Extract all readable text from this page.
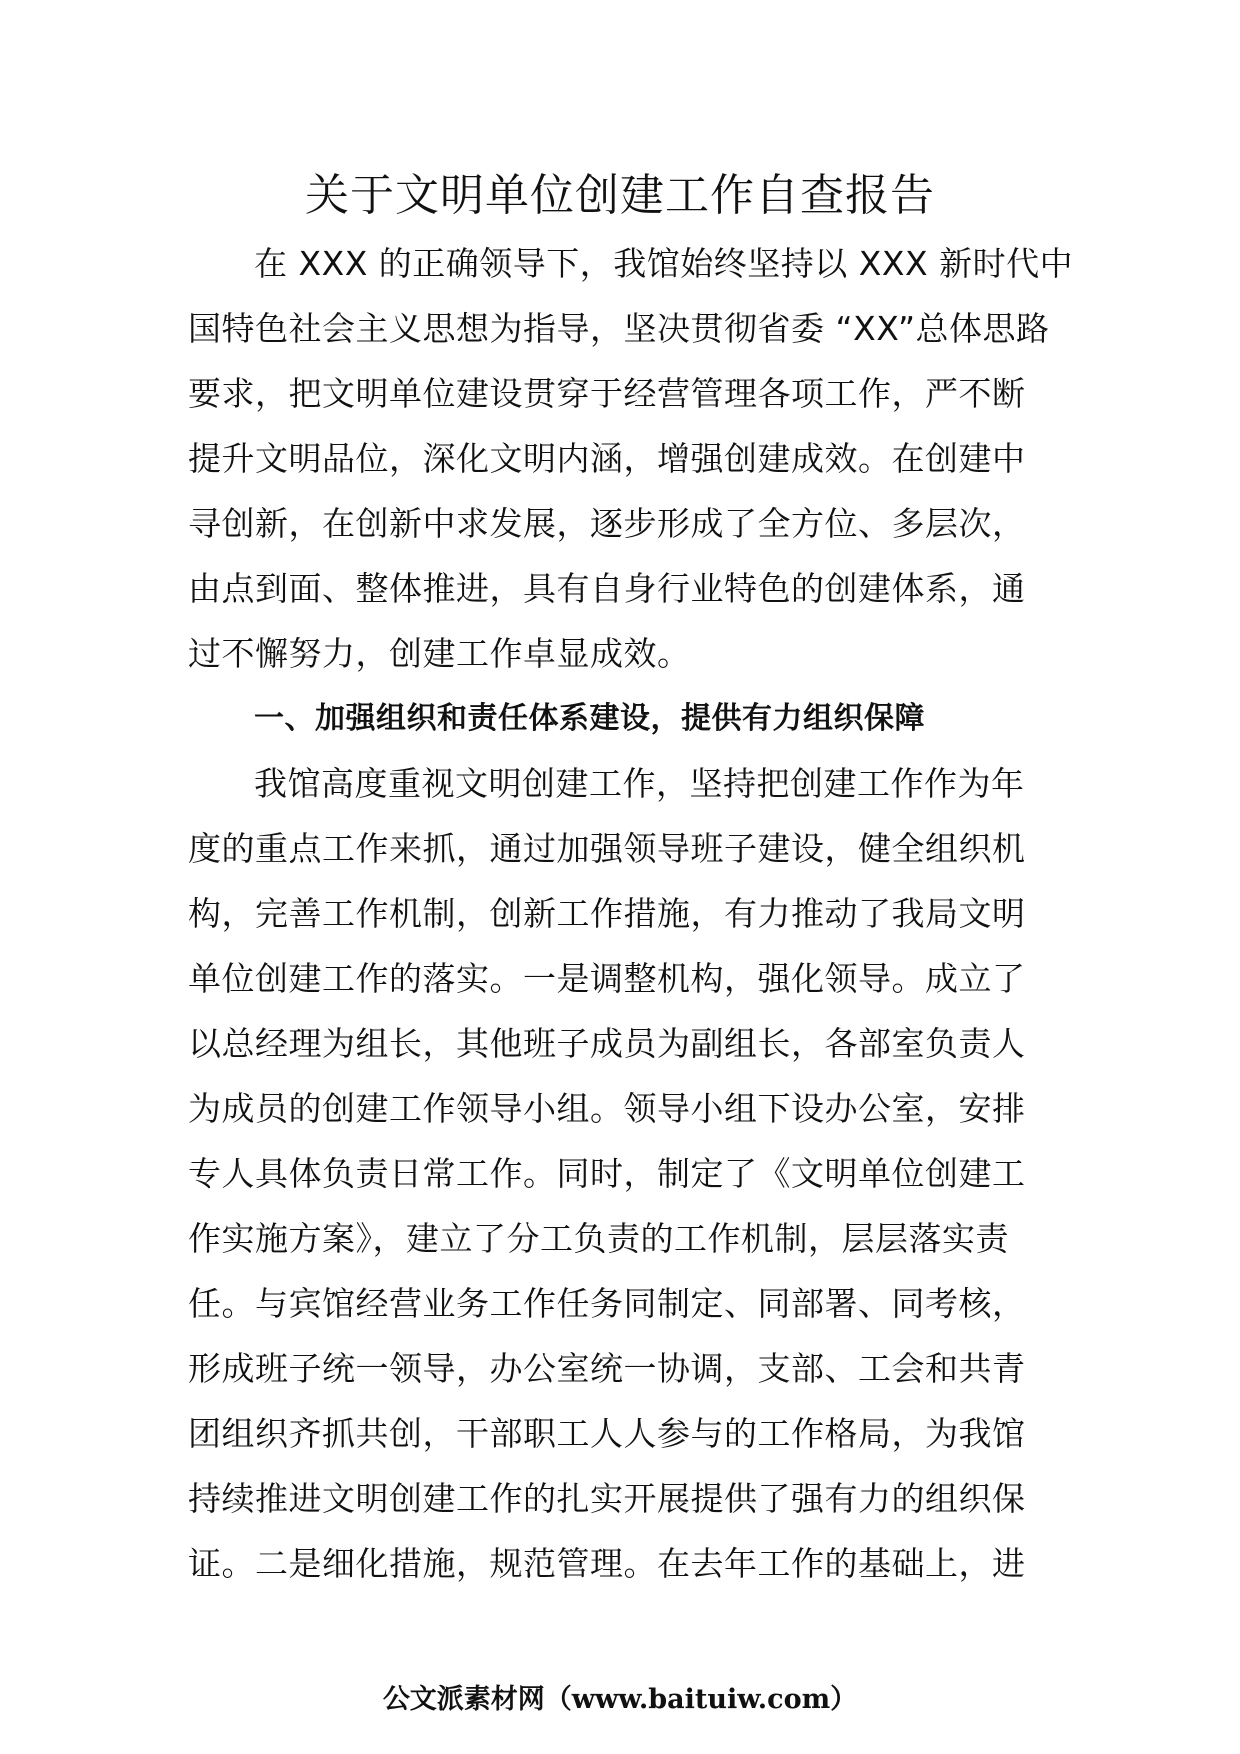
关于文明单位创建工作自查报告
在 XXX 的正确领导下，我馆始终坚持以 XXX 新时代中
国特色社会主义思想为指导，坚决贯彻省委 “XX”总体思路
要求，把文明单位建设贯穿于经营管理各项工作，严不断
提升文明品位，深化文明内涵，增强创建成效。在创建中
寻创新，在创新中求发展，逐步形成了全方位、多层次，
由点到面、整体推进，具有自身行业特色的创建体系，通
过不懈努力，创建工作卓显成效。
一、加强组织和责任体系建设，提供有力组织保障
我馆高度重视文明创建工作，坚持把创建工作作为年
度的重点工作来抓，通过加强领导班子建设，健全组织机
构，完善工作机制，创新工作措施，有力推动了我局文明
单位创建工作的落实。一是调整机构，强化领导。成立了
以总经理为组长，其他班子成员为副组长，各部室负责人
为成员的创建工作领导小组。领导小组下设办公室，安排
专人具体负责日常工作。同时，制定了《文明单位创建工
作实施方案》，建立了分工负责的工作机制，层层落实责
任。与宾馆经营业务工作任务同制定、同部署、同考核，
形成班子统一领导，办公室统一协调，支部、工会和共青
团组织齐抓共创，干部职工人人参与的工作格局，为我馆
持续推进文明创建工作的扎实开展提供了强有力的组织保
证。二是细化措施，规范管理。在去年工作的基础上，进
公文派素材网（www.baituiw.com）
